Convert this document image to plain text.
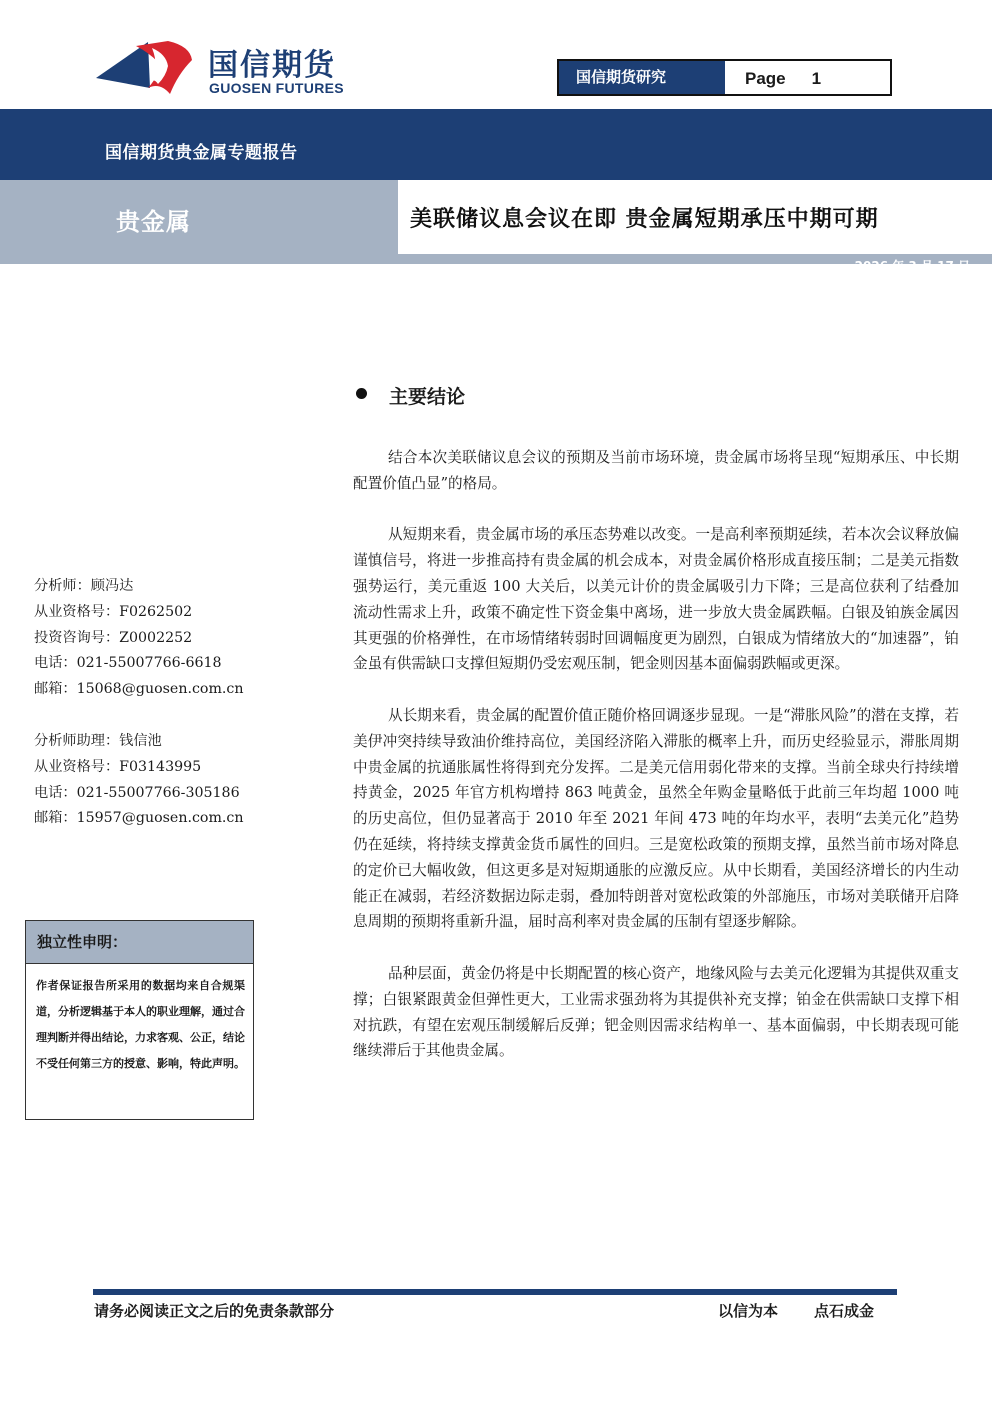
国信期货
GUOSEN FUTURES
国信期货研究	Page 1
国信期货贵金属专题报告
贵金属	美联储议息会议在即 贵金属短期承压中期可期
2026 年 3 月 17 日
主要结论

结合本次美联储议息会议的预期及当前市场环境，贵金属市场将呈现“短期承压、中长期配置价值凸显”的格局。

从短期来看，贵金属市场的承压态势难以改变。一是高利率预期延续，若本次会议释放偏谨慎信号，将进一步推高持有贵金属的机会成本，对贵金属价格形成直接压制；二是美元指数强势运行，美元重返 100 大关后，以美元计价的贵金属吸引力下降；三是高位获利了结叠加流动性需求上升，政策不确定性下资金集中离场，进一步放大贵金属跌幅。白银及铂族金属因其更强的价格弹性，在市场情绪转弱时回调幅度更为剧烈，白银成为情绪放大的“加速器”，铂金虽有供需缺口支撑但短期仍受宏观压制，钯金则因基本面偏弱跌幅或更深。

从长期来看，贵金属的配置价值正随价格回调逐步显现。一是“滞胀风险”的潜在支撑，若美伊冲突持续导致油价维持高位，美国经济陷入滞胀的概率上升，而历史经验显示，滞胀周期中贵金属的抗通胀属性将得到充分发挥。二是美元信用弱化带来的支撑。当前全球央行持续增持黄金，2025 年官方机构增持 863 吨黄金，虽然全年购金量略低于此前三年均超 1000 吨的历史高位，但仍显著高于 2010 年至 2021 年间 473 吨的年均水平，表明“去美元化”趋势仍在延续，将持续支撑黄金货币属性的回归。三是宽松政策的预期支撑，虽然当前市场对降息的定价已大幅收敛，但这更多是对短期通胀的应激反应。从中长期看，美国经济增长的内生动能正在减弱，若经济数据边际走弱，叠加特朗普对宽松政策的外部施压，市场对美联储开启降息周期的预期将重新升温，届时高利率对贵金属的压制有望逐步解除。

品种层面，黄金仍将是中长期配置的核心资产，地缘风险与去美元化逻辑为其提供双重支撑；白银紧跟黄金但弹性更大，工业需求强劲将为其提供补充支撑；铂金在供需缺口支撑下相对抗跌，有望在宏观压制缓解后反弹；钯金则因需求结构单一、基本面偏弱，中长期表现可能继续滞后于其他贵金属。

分析师：顾冯达
从业资格号：F0262502
投资咨询号：Z0002252
电话：021-55007766-6618
邮箱：15068@guosen.com.cn
分析师助理：钱信池
从业资格号：F03143995
电话：021-55007766-305186
邮箱：15957@guosen.com.cn
独立性申明：
作者保证报告所采用的数据均来自合规渠道，分析逻辑基于本人的职业理解，通过合理判断并得出结论，力求客观、公正，结论不受任何第三方的授意、影响，特此声明。
请务必阅读正文之后的免责条款部分	以信为本 点石成金
